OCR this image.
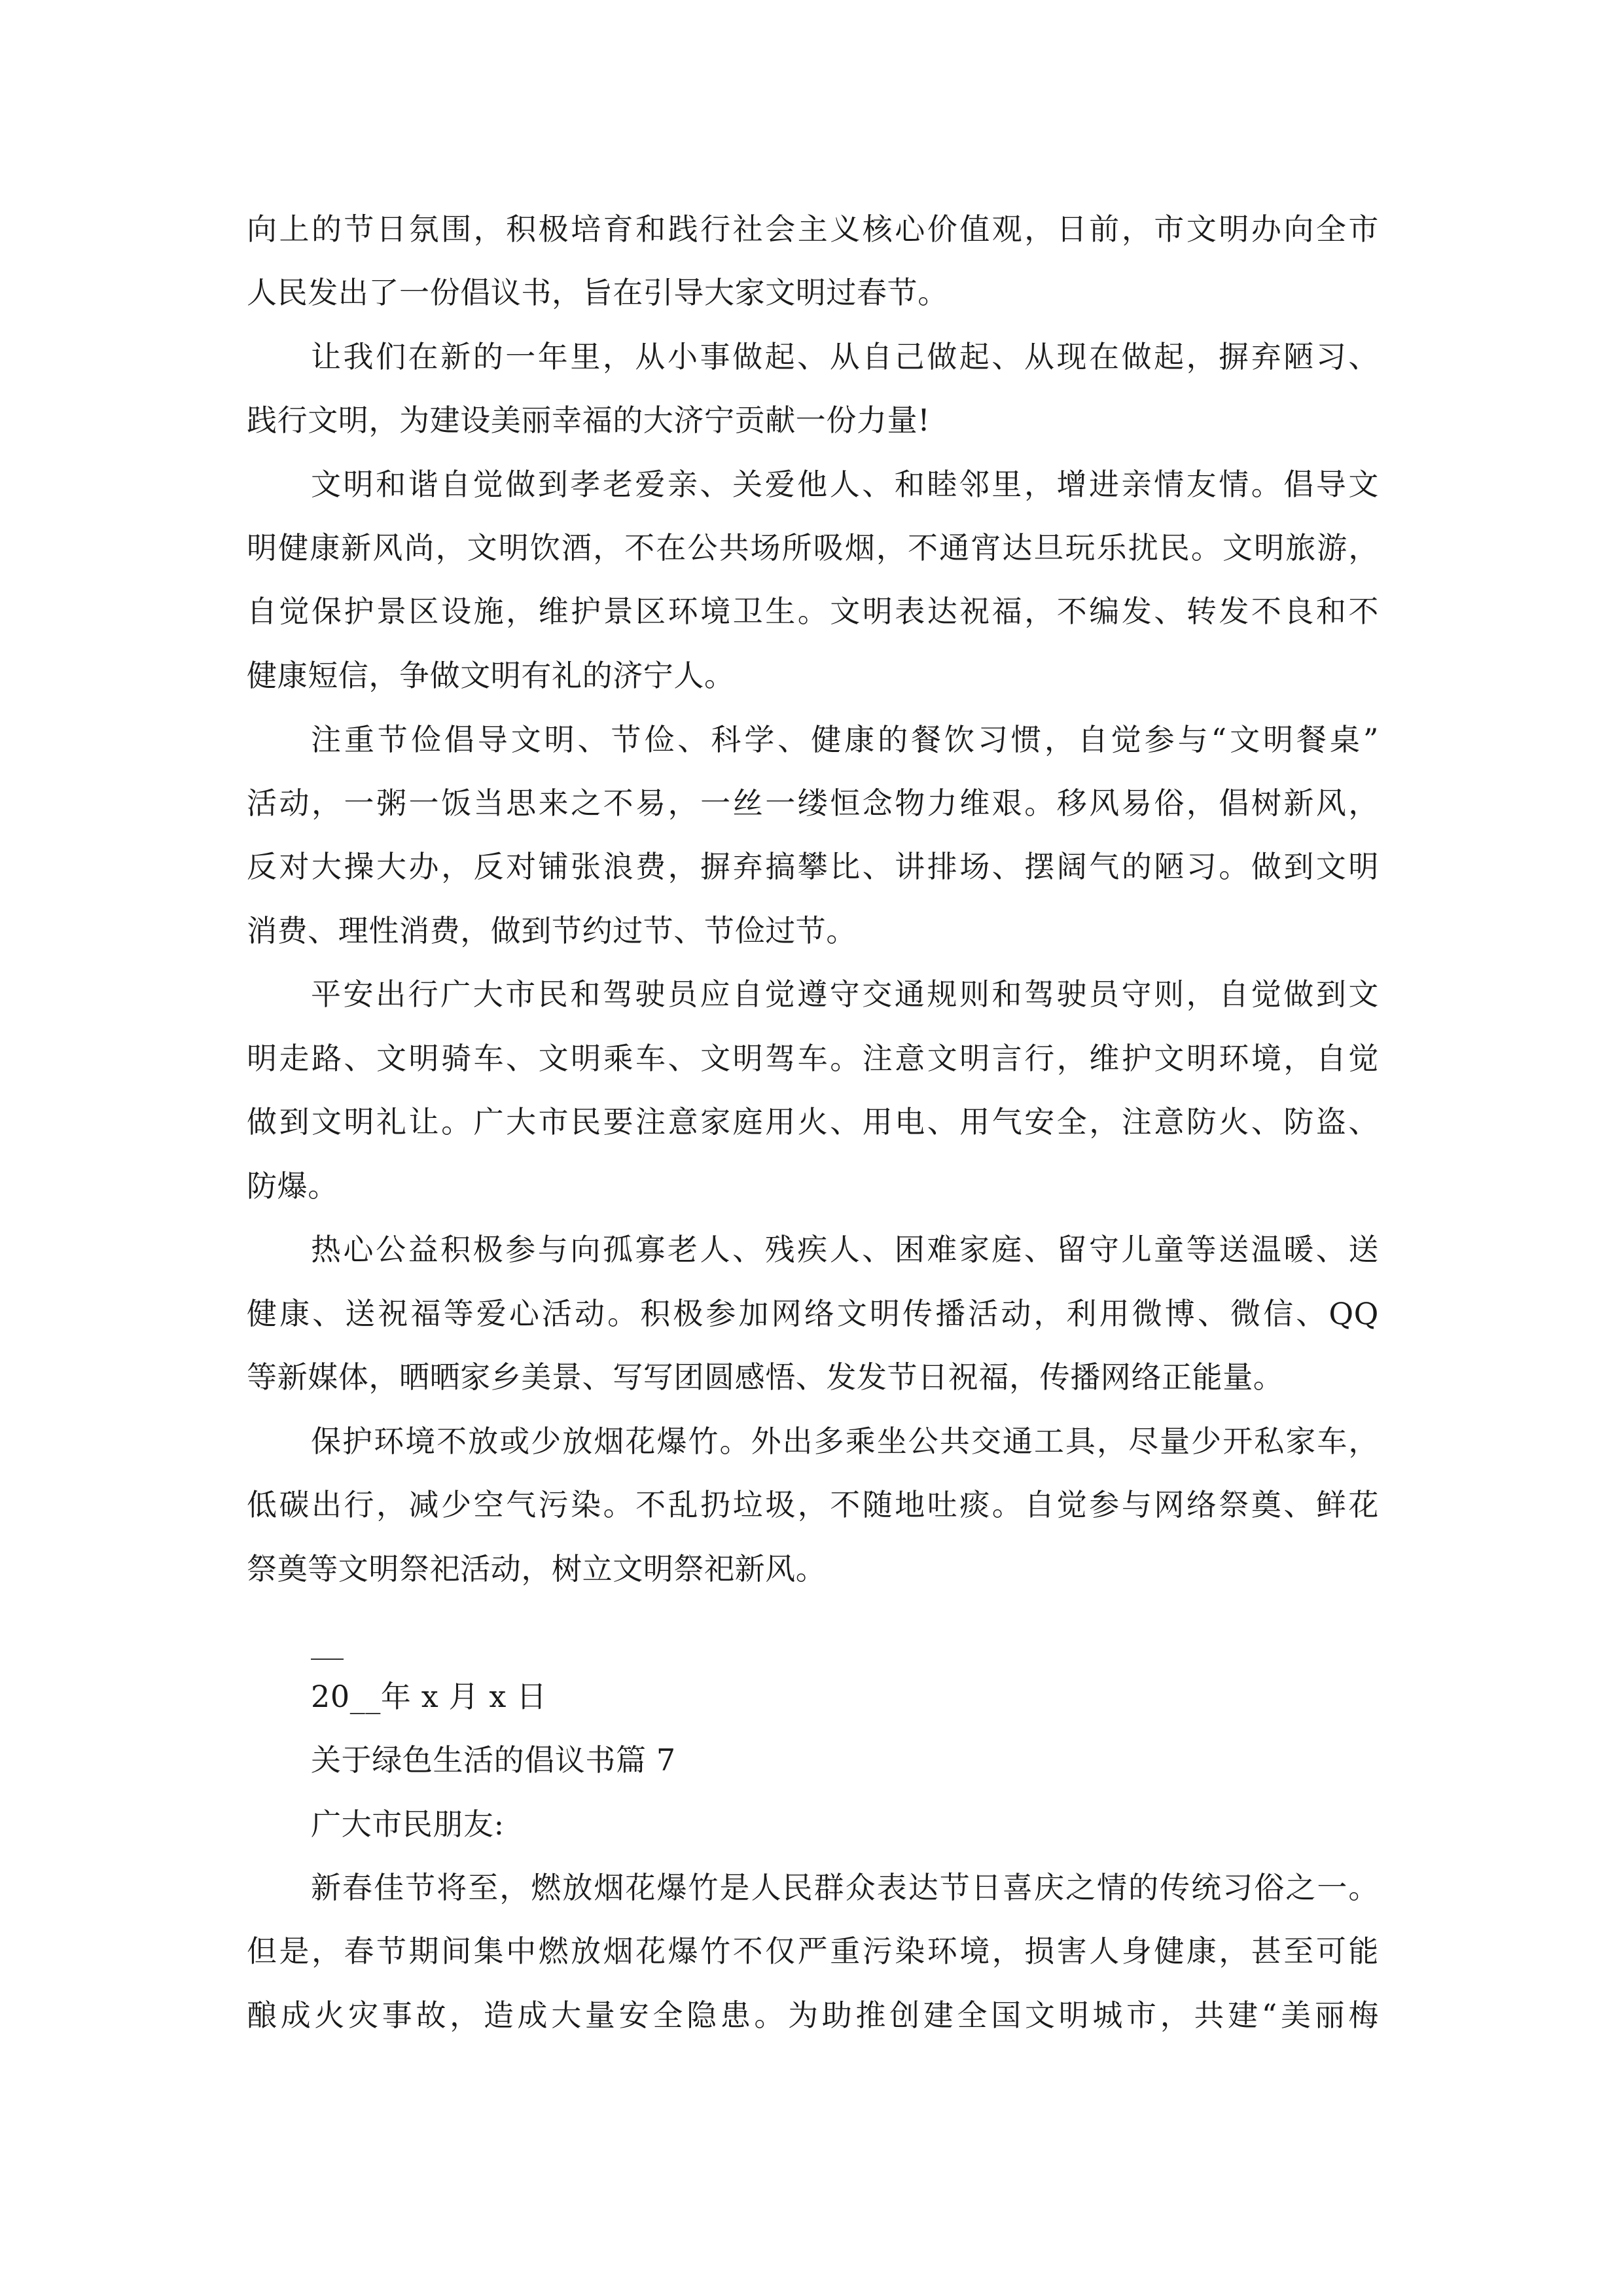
向上的节日氛围，积极培育和践行社会主义核心价值观，日前，市文明办向全市
人民发出了一份倡议书，旨在引导大家文明过春节。
让我们在新的一年里，从小事做起、从自己做起、从现在做起，摒弃陋习、
践行文明，为建设美丽幸福的大济宁贡献一份力量!
文明和谐自觉做到孝老爱亲、关爱他人、和睦邻里，增进亲情友情。倡导文
明健康新风尚，文明饮酒，不在公共场所吸烟，不通宵达旦玩乐扰民。文明旅游，
自觉保护景区设施，维护景区环境卫生。文明表达祝福，不编发、转发不良和不
健康短信，争做文明有礼的济宁人。
注重节俭倡导文明、节俭、科学、健康的餐饮习惯，自觉参与“文明餐桌”
活动，一粥一饭当思来之不易，一丝一缕恒念物力维艰。移风易俗，倡树新风，
反对大操大办，反对铺张浪费，摒弃搞攀比、讲排场、摆阔气的陋习。做到文明
消费、理性消费，做到节约过节、节俭过节。
平安出行广大市民和驾驶员应自觉遵守交通规则和驾驶员守则，自觉做到文
明走路、文明骑车、文明乘车、文明驾车。注意文明言行，维护文明环境，自觉
做到文明礼让。广大市民要注意家庭用火、用电、用气安全，注意防火、防盗、
防爆。
热心公益积极参与向孤寡老人、残疾人、困难家庭、留守儿童等送温暖、送
健康、送祝福等爱心活动。积极参加网络文明传播活动，利用微博、微信、QQ
等新媒体，晒晒家乡美景、写写团圆感悟、发发节日祝福，传播网络正能量。
保护环境不放或少放烟花爆竹。外出多乘坐公共交通工具，尽量少开私家车，
低碳出行，减少空气污染。不乱扔垃圾，不随地吐痰。自觉参与网络祭奠、鲜花
祭奠等文明祭祀活动，树立文明祭祀新风。
20__年 x 月 x 日
关于绿色生活的倡议书篇 7
广大市民朋友:
新春佳节将至，燃放烟花爆竹是人民群众表达节日喜庆之情的传统习俗之一。
但是，春节期间集中燃放烟花爆竹不仅严重污染环境，损害人身健康，甚至可能
酿成火灾事故，造成大量安全隐患。为助推创建全国文明城市，共建“美丽梅
